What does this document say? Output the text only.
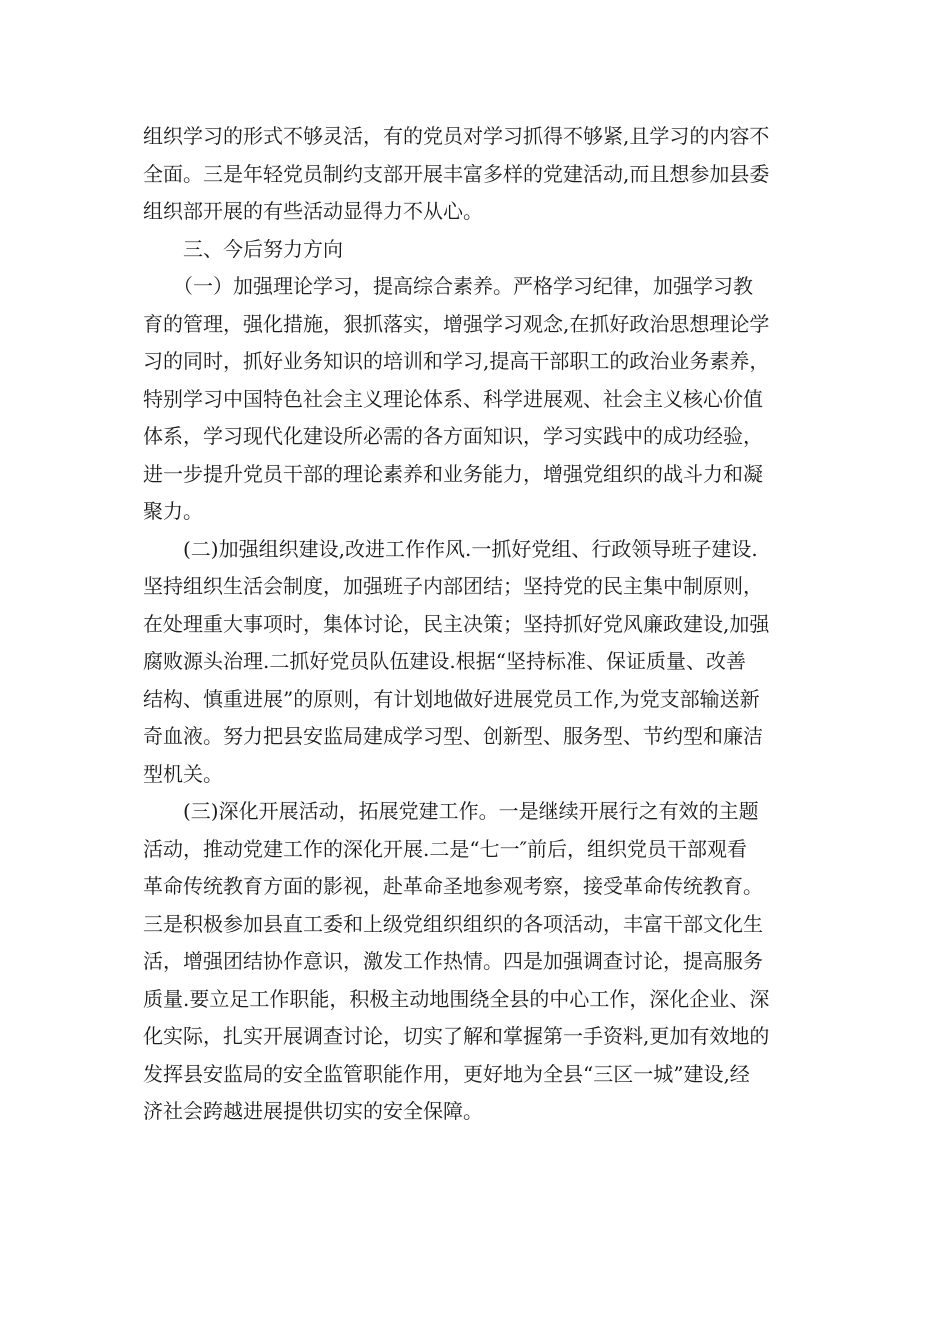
组织学习的形式不够灵活，有的党员对学习抓得不够紧,且学习的内容不
全面。三是年轻党员制约支部开展丰富多样的党建活动,而且想参加县委
组织部开展的有些活动显得力不从心。

　　三、今后努力方向

　　（一）加强理论学习，提高综合素养。严格学习纪律，加强学习教
育的管理，强化措施，狠抓落实，增强学习观念,在抓好政治思想理论学
习的同时，抓好业务知识的培训和学习,提高干部职工的政治业务素养，
特别学习中国特色社会主义理论体系、科学进展观、社会主义核心价值
体系，学习现代化建设所必需的各方面知识，学习实践中的成功经验，
进一步提升党员干部的理论素养和业务能力，增强党组织的战斗力和凝
聚力。

　　(二)加强组织建设,改进工作作风.一抓好党组、行政领导班子建设.
坚持组织生活会制度，加强班子内部团结；坚持党的民主集中制原则，
在处理重大事项时，集体讨论，民主决策；坚持抓好党风廉政建设,加强
腐败源头治理.二抓好党员队伍建设.根据“坚持标准、保证质量、改善
结构、慎重进展”的原则，有计划地做好进展党员工作,为党支部输送新
奇血液。努力把县安监局建成学习型、创新型、服务型、节约型和廉洁
型机关。

　　(三)深化开展活动，拓展党建工作。一是继续开展行之有效的主题
活动，推动党建工作的深化开展.二是“七一″前后，组织党员干部观看
革命传统教育方面的影视，赴革命圣地参观考察，接受革命传统教育。
三是积极参加县直工委和上级党组织组织的各项活动，丰富干部文化生
活，增强团结协作意识，激发工作热情。四是加强调查讨论，提高服务
质量.要立足工作职能，积极主动地围绕全县的中心工作，深化企业、深
化实际，扎实开展调查讨论，切实了解和掌握第一手资料,更加有效地的
发挥县安监局的安全监管职能作用，更好地为全县“三区一城”建设,经
济社会跨越进展提供切实的安全保障。
